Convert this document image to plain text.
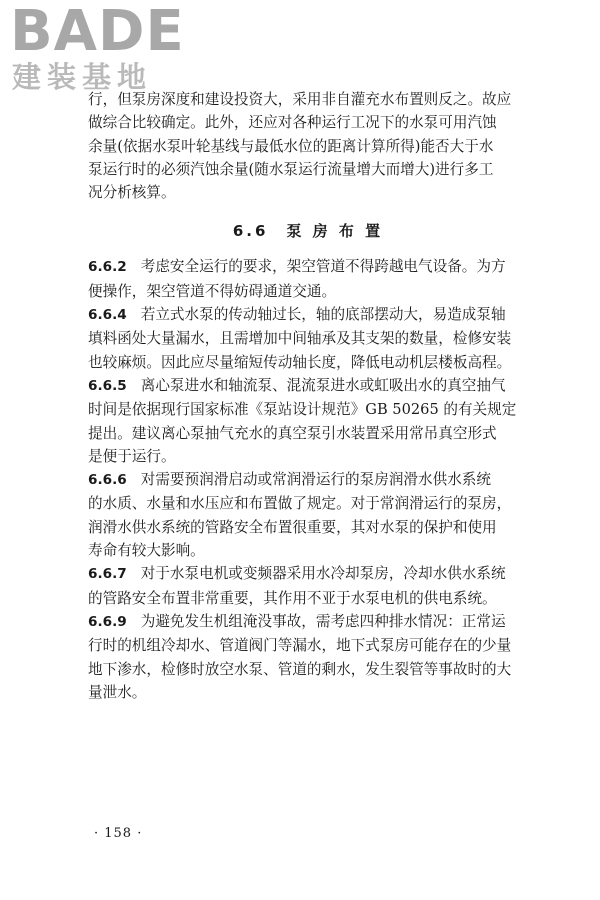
BADE
建装基地

行，但泵房深度和建设投资大，采用非自灌充水布置则反之。故应
做综合比较确定。此外，还应对各种运行工况下的水泵可用汽蚀
余量(依据水泵叶轮基线与最低水位的距离计算所得)能否大于水
泵运行时的必须汽蚀余量(随水泵运行流量增大而增大)进行多工
况分析核算。

6.6　泵 房 布 置

6.6.2 考虑安全运行的要求，架空管道不得跨越电气设备。为方
便操作，架空管道不得妨碍通道交通。

6.6.4 若立式水泵的传动轴过长，轴的底部摆动大，易造成泵轴
填料函处大量漏水，且需增加中间轴承及其支架的数量，检修安装
也较麻烦。因此应尽量缩短传动轴长度，降低电动机层楼板高程。

6.6.5 离心泵进水和轴流泵、混流泵进水或虹吸出水的真空抽气
时间是依据现行国家标准《泵站设计规范》GB 50265 的有关规定
提出。建议离心泵抽气充水的真空泵引水装置采用常吊真空形式
是便于运行。

6.6.6 对需要预润滑启动或常润滑运行的泵房润滑水供水系统
的水质、水量和水压应和布置做了规定。对于常润滑运行的泵房，
润滑水供水系统的管路安全布置很重要，其对水泵的保护和使用
寿命有较大影响。

6.6.7 对于水泵电机或变频器采用水冷却泵房，冷却水供水系统
的管路安全布置非常重要，其作用不亚于水泵电机的供电系统。

6.6.9 为避免发生机组淹没事故，需考虑四种排水情况：正常运
行时的机组冷却水、管道阀门等漏水，地下式泵房可能存在的少量
地下渗水，检修时放空水泵、管道的剩水，发生裂管等事故时的大
量泄水。

· 158 ·
